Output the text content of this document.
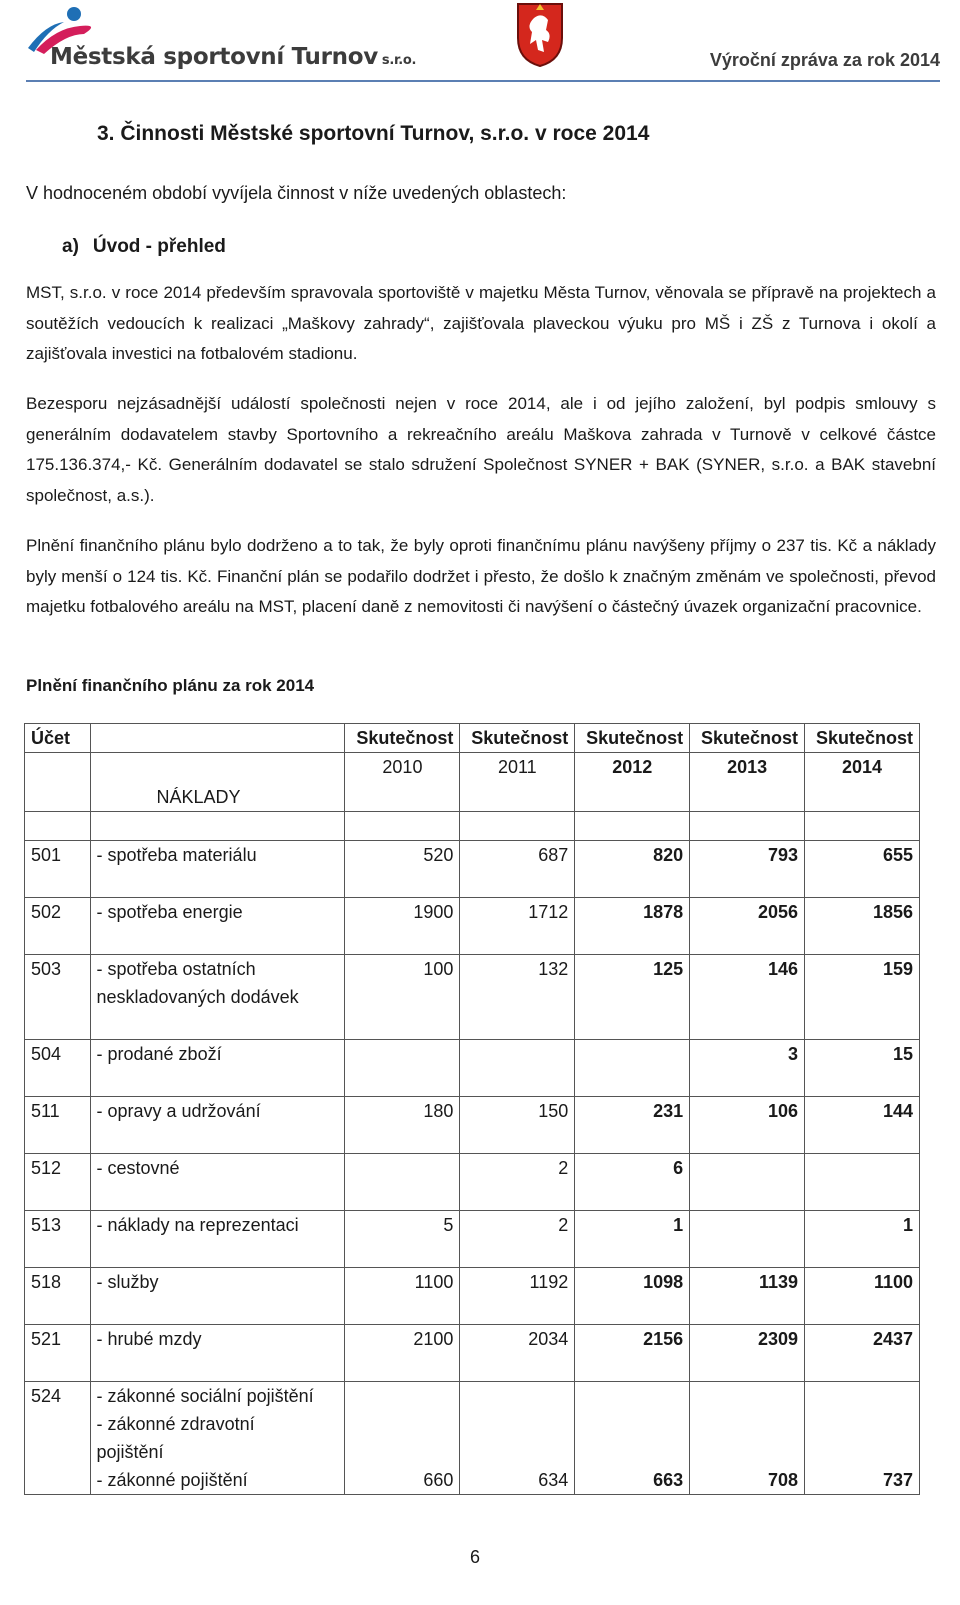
Městská sportovní Turnov s.r.o.	Výroční zpráva za rok 2014
3. Činnosti Městské sportovní Turnov, s.r.o. v roce 2014
V hodnoceném období vyvíjela činnost v níže uvedených oblastech:
a) Úvod - přehled

MST, s.r.o. v roce 2014 především spravovala sportoviště v majetku Města Turnov, věnovala se přípravě na projektech a soutěžích vedoucích k realizaci „Maškovy zahrady“, zajišťovala plaveckou výuku pro MŠ i ZŠ z Turnova i okolí a zajišťovala investici na fotbalovém stadionu.

Bezesporu nejzásadnější událostí společnosti nejen v roce 2014, ale i od jejího založení, byl podpis smlouvy s generálním dodavatelem stavby Sportovního a rekreačního areálu Maškova zahrada v Turnově v celkové částce 175.136.374,- Kč. Generálním dodavatel se stalo sdružení Společnost SYNER + BAK (SYNER, s.r.o. a BAK stavební společnost, a.s.).

Plnění finančního plánu bylo dodrženo a to tak, že byly oproti finančnímu plánu navýšeny příjmy o 237 tis. Kč a náklady byly menší o 124 tis. Kč. Finanční plán se podařilo dodržet i přesto, že došlo k značným změnám ve společnosti, převod majetku fotbalového areálu na MST, placení daně z nemovitosti či navýšení o částečný úvazek organizační pracovnice.

Plnění finančního plánu za rok 2014
Účet		Skutečnost	Skutečnost	Skutečnost	Skutečnost	Skutečnost

	NÁKLADY	2010	2011	2012	2013	2014

501	- spotřeba materiálu	520	687	820	793	655
502	- spotřeba energie	1900	1712	1878	2056	1856
503	- spotřeba ostatních
neskladovaných dodávek	100	132	125	146	159
504	- prodané zboží				3	15
511	- opravy a udržování	180	150	231	106	144
512	- cestovné		2	6		
513	- náklady na reprezentaci	5	2	1		1
518	- služby	1100	1192	1098	1139	1100
521	- hrubé mzdy	2100	2034	2156	2309	2437
524	- zákonné sociální pojištění
- zákonné zdravotní
pojištění
- zákonné pojištění	660	634	663	708	737
6
